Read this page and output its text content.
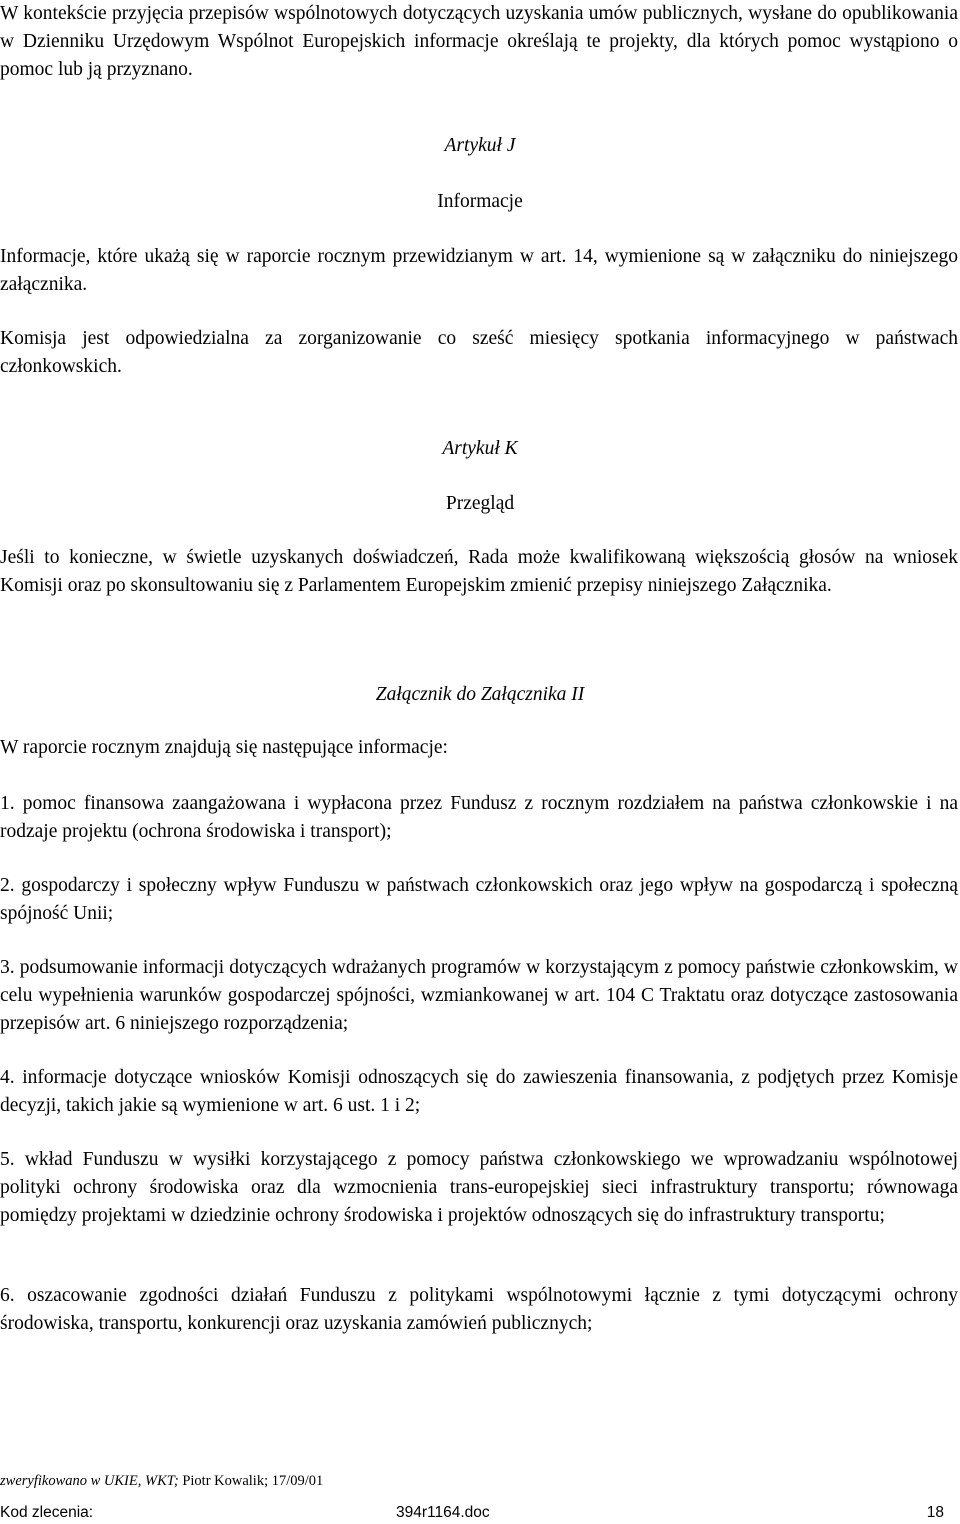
W kontekście przyjęcia przepisów wspólnotowych dotyczących uzyskania umów publicznych, wysłane do opublikowania w Dzienniku Urzędowym Wspólnot Europejskich informacje określają te projekty, dla których pomoc wystąpiono o pomoc lub ją przyznano.

Artykuł J
Informacje

Informacje, które ukażą się w raporcie rocznym przewidzianym w art. 14, wymienione są w załączniku do niniejszego załącznika.

Komisja jest odpowiedzialna za zorganizowanie co sześć miesięcy spotkania informacyjnego w państwach członkowskich.

Artykuł K
Przegląd

Jeśli to konieczne, w świetle uzyskanych doświadczeń, Rada może kwalifikowaną większością głosów na wniosek Komisji oraz po skonsultowaniu się z Parlamentem Europejskim zmienić przepisy niniejszego Załącznika.

Załącznik do Załącznika II

W raporcie rocznym znajdują się następujące informacje:

1. pomoc finansowa zaangażowana i wypłacona przez Fundusz z rocznym rozdziałem na państwa członkowskie i na rodzaje projektu (ochrona środowiska i transport);

2. gospodarczy i społeczny wpływ Funduszu w państwach członkowskich oraz jego wpływ na gospodarczą i społeczną spójność Unii;

3. podsumowanie informacji dotyczących wdrażanych programów w korzystającym z pomocy państwie członkowskim, w celu wypełnienia warunków gospodarczej spójności, wzmiankowanej w art. 104 C Traktatu oraz dotyczące zastosowania przepisów art. 6 niniejszego rozporządzenia;

4. informacje dotyczące wniosków Komisji odnoszących się do zawieszenia finansowania, z podjętych przez Komisje decyzji, takich jakie są wymienione w art. 6 ust. 1 i 2;

5. wkład Funduszu w wysiłki korzystającego z pomocy państwa członkowskiego we wprowadzaniu wspólnotowej polityki ochrony środowiska oraz dla wzmocnienia trans-europejskiej sieci infrastruktury transportu; równowaga pomiędzy projektami w dziedzinie ochrony środowiska i projektów odnoszących się do infrastruktury transportu;

6. oszacowanie zgodności działań Funduszu z politykami wspólnotowymi łącznie z tymi dotyczącymi ochrony środowiska, transportu, konkurencji oraz uzyskania zamówień publicznych;

zweryfikowano w UKIE, WKT; Piotr Kowalik; 17/09/01
Kod zlecenia:	394r1164.doc	18
